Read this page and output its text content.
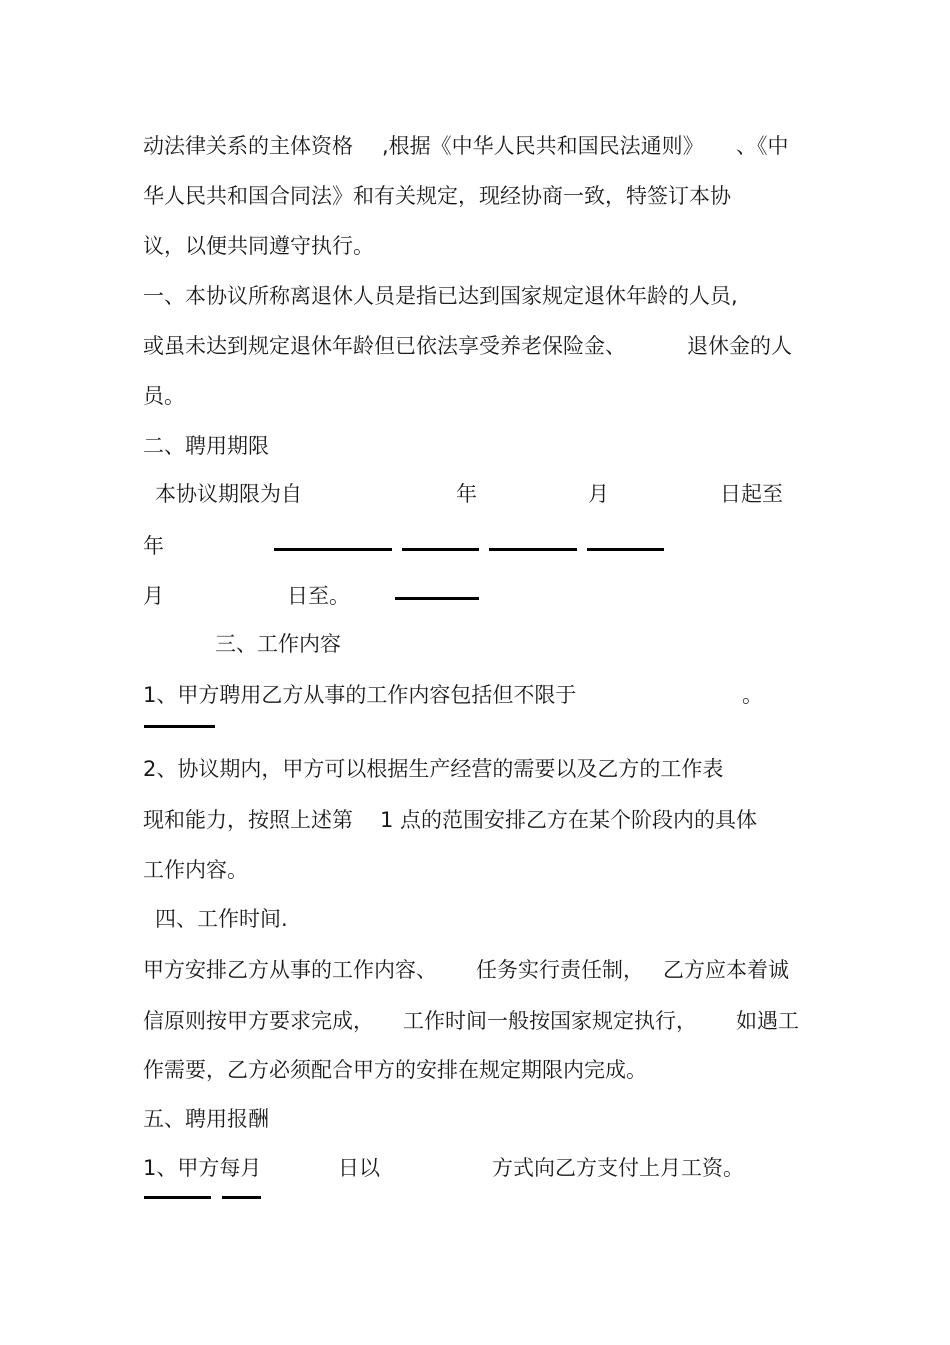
动法律关系的主体资格 ,根据《中华人民共和国民法通则》 、《中
华人民共和国合同法》和有关规定，现经协商一致，特签订本协
议，以便共同遵守执行。
一、本协议所称离退休人员是指已达到国家规定退休年龄的人员,
或虽未达到规定退休年龄但已依法享受养老保险金、	退休金的人
员。
二、聘用期限
本协议期限为自	年	月	日起至
年
月	日至。
三、工作内容
1、甲方聘用乙方从事的工作内容包括但不限于	。
2、协议期内，甲方可以根据生产经营的需要以及乙方的工作表
现和能力，按照上述第 1 点的范围安排乙方在某个阶段内的具体
工作内容。
四、工作时间.
甲方安排乙方从事的工作内容、 任务实行责任制， 乙方应本着诚
信原则按甲方要求完成， 工作时间一般按国家规定执行， 如遇工
作需要，乙方必须配合甲方的安排在规定期限内完成。
五、聘用报酬
1、甲方每月	日以	方式向乙方支付上月工资。
